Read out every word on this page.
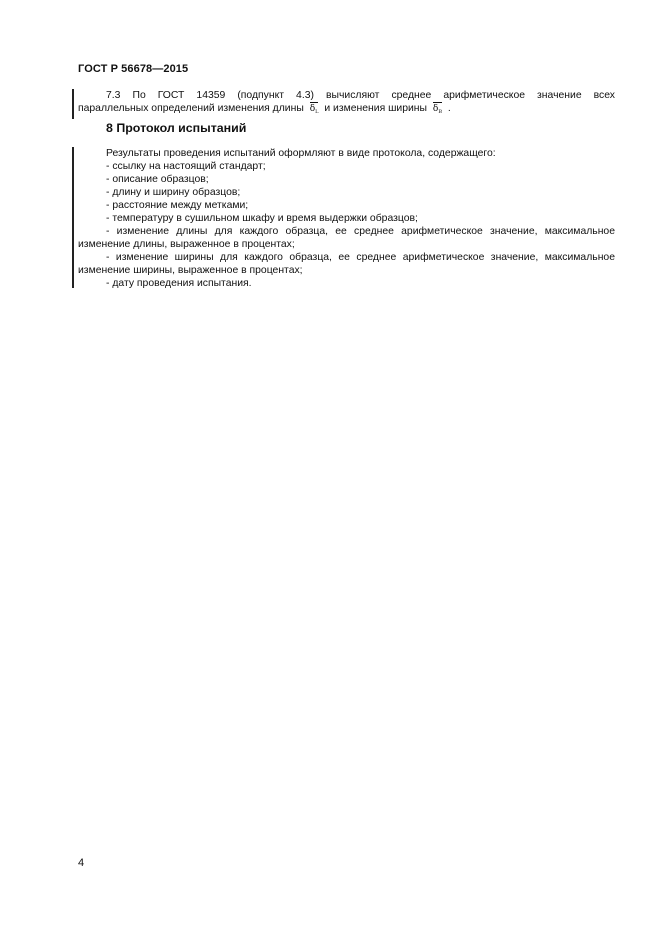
ГОСТ Р 56678—2015
7.3 По ГОСТ 14359 (подпункт 4.3) вычисляют среднее арифметическое значение всех
параллельных определений изменения длины $\delta_L$ и изменения ширины $\delta_B$ .
8 Протокол испытаний
Результаты проведения испытаний оформляют в виде протокола, содержащего:
- ссылку на настоящий стандарт;
- описание образцов;
- длину и ширину образцов;
- расстояние между метками;
- температуру в сушильном шкафу и время выдержки образцов;
- изменение длины для каждого образца, ее среднее арифметическое значение, максимальное
изменение длины, выраженное в процентах;
- изменение ширины для каждого образца, ее среднее арифметическое значение, максимальное
изменение ширины, выраженное в процентах;
- дату проведения испытания.
4
